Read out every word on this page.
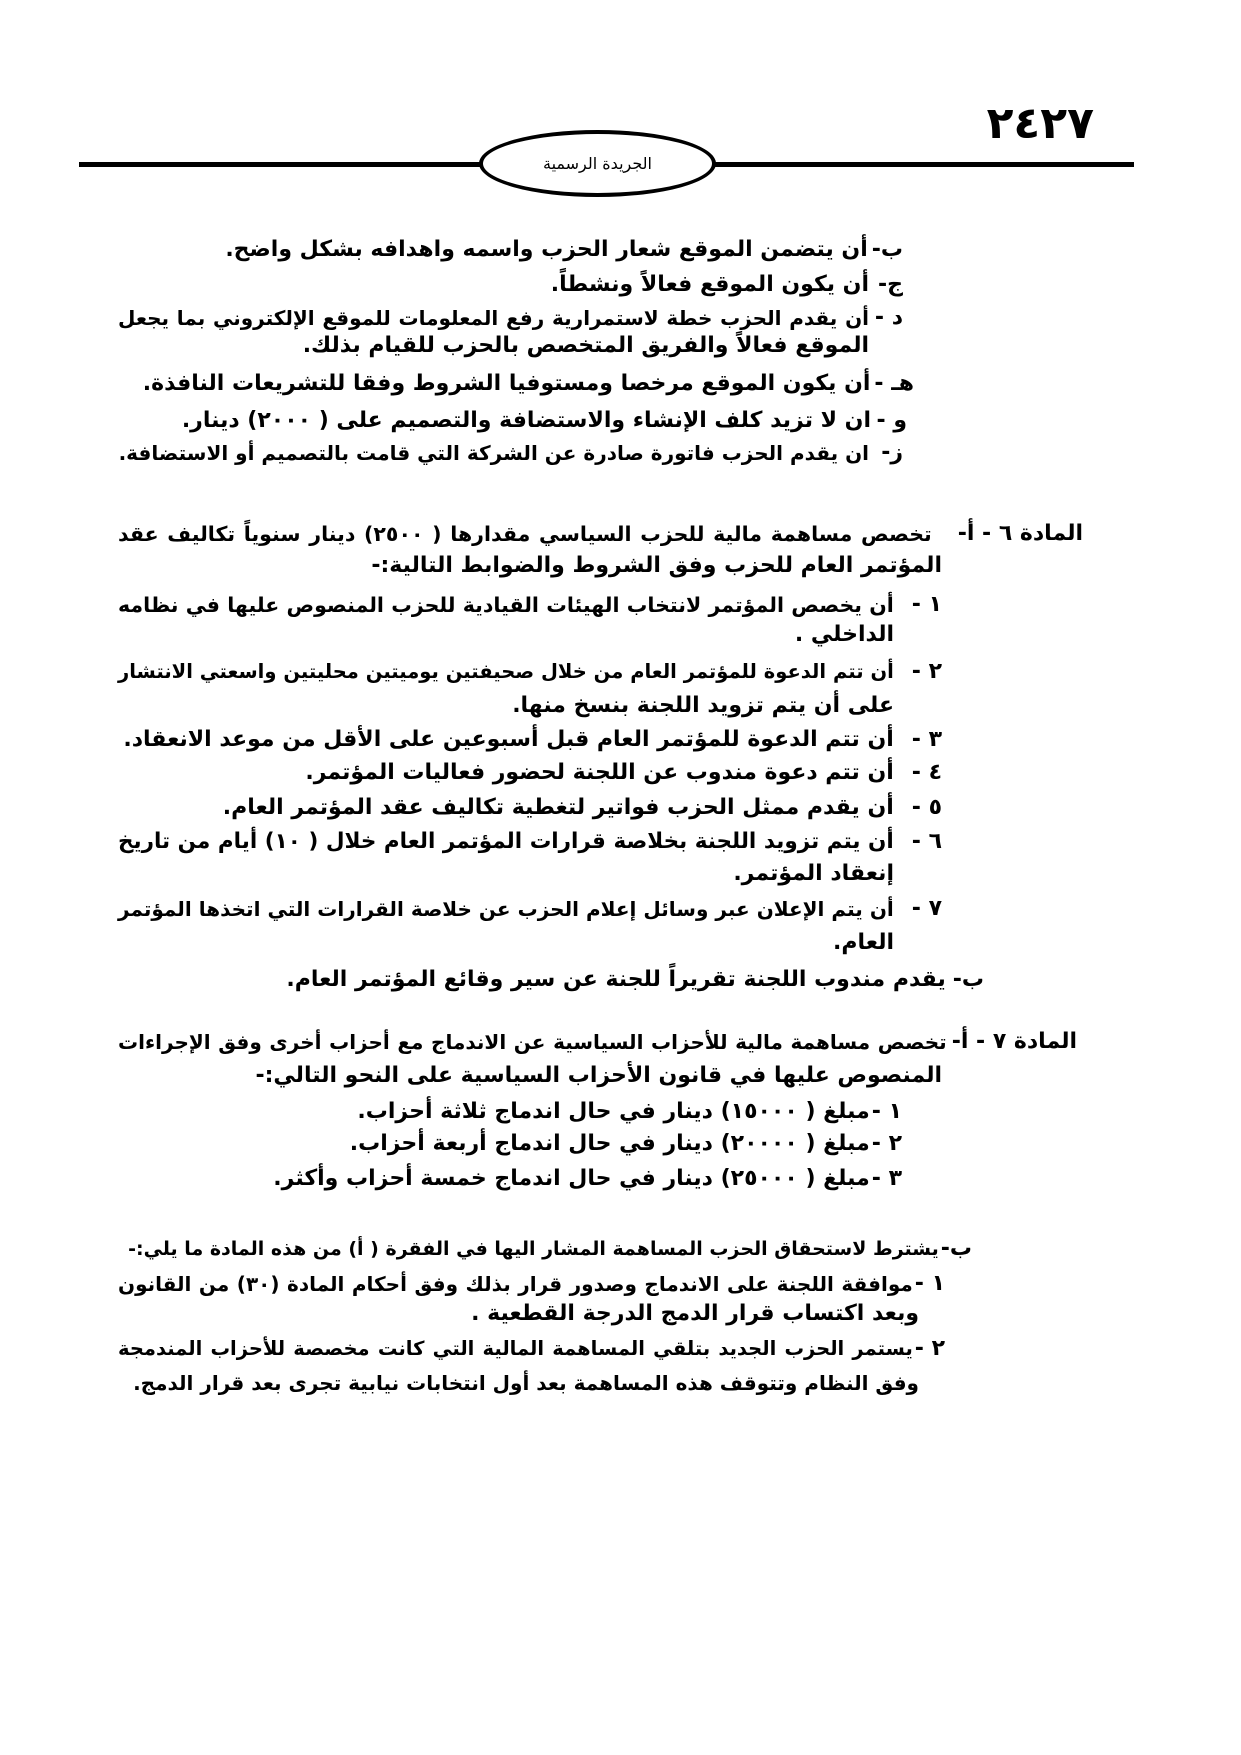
٢٤٢٧
الجريدة الرسمية
ب-
أن يتضمن الموقع شعار الحزب واسمه واهدافه بشكل واضح.
ج-
أن يكون الموقع فعالاً ونشطاً.
د -
أن يقدم الحزب خطة لاستمرارية رفع المعلومات للموقع الإلكتروني بما يجعل
الموقع فعالاً والفريق المتخصص بالحزب للقيام بذلك.
هـ -
أن يكون الموقع مرخصا ومستوفيا الشروط وفقا للتشريعات النافذة.
و -
ان لا تزيد كلف الإنشاء والاستضافة والتصميم على ( ٢٠٠٠) دينار.
ز-
ان يقدم الحزب فاتورة صادرة عن الشركة التي قامت بالتصميم أو الاستضافة.
المادة ٦ - أ-
تخصص مساهمة مالية للحزب السياسي مقدارها ( ٢٥٠٠) دينار سنوياً تكاليف عقد
المؤتمر العام للحزب وفق الشروط والضوابط التالية:-
١ -
أن يخصص المؤتمر لانتخاب الهيئات القيادية للحزب المنصوص عليها في نظامه
الداخلي .
٢ -
أن تتم الدعوة للمؤتمر العام من خلال صحيفتين يوميتين محليتين واسعتي الانتشار
على أن يتم تزويد اللجنة بنسخ منها.
٣ -
أن تتم الدعوة للمؤتمر العام قبل أسبوعين على الأقل من موعد الانعقاد.
٤ -
أن تتم دعوة مندوب عن اللجنة لحضور فعاليات المؤتمر.
٥ -
أن يقدم ممثل الحزب فواتير لتغطية تكاليف عقد المؤتمر العام.
٦ -
أن يتم تزويد اللجنة بخلاصة قرارات المؤتمر العام خلال ( ١٠) أيام من تاريخ
إنعقاد المؤتمر.
٧ -
أن يتم الإعلان عبر وسائل إعلام الحزب عن خلاصة القرارات التي اتخذها المؤتمر
العام.
ب-
يقدم مندوب اللجنة تقريراً للجنة عن سير وقائع المؤتمر العام.
المادة ٧ - أ-
تخصص مساهمة مالية للأحزاب السياسية عن الاندماج مع أحزاب أخرى وفق الإجراءات
المنصوص عليها في قانون الأحزاب السياسية على النحو التالي:-
١ -
مبلغ ( ١٥٠٠٠) دينار في حال اندماج ثلاثة أحزاب.
٢ -
مبلغ ( ٢٠٠٠٠) دينار في حال اندماج أربعة أحزاب.
٣ -
مبلغ ( ٢٥٠٠٠) دينار في حال اندماج خمسة أحزاب وأكثر.
ب-
يشترط لاستحقاق الحزب المساهمة المشار اليها في الفقرة ( أ) من هذه المادة ما يلي:-
١ -
موافقة اللجنة على الاندماج وصدور قرار بذلك وفق أحكام المادة (٣٠) من القانون
وبعد اكتساب قرار الدمج الدرجة القطعية .
٢ -
يستمر الحزب الجديد بتلقي المساهمة المالية التي كانت مخصصة للأحزاب المندمجة
وفق النظام وتتوقف هذه المساهمة بعد أول انتخابات نيابية تجرى بعد قرار الدمج.
